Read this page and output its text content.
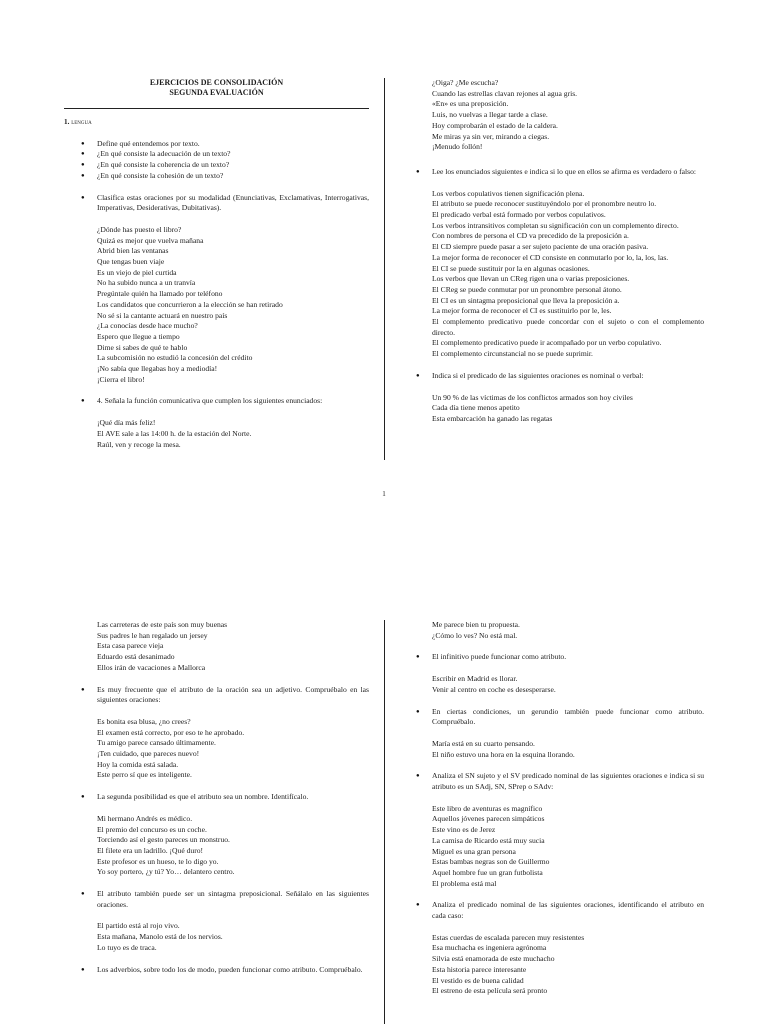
EJERCICIOS DE CONSOLIDACIÓN
SEGUNDA EVALUACIÓN
1. lengua
● Define qué entendemos por texto.
● ¿En qué consiste la adecuación de un texto?
● ¿En qué consiste la coherencia de un texto?
● ¿En qué consiste la cohesión de un texto?
● Clasifica estas oraciones por su modalidad (Enunciativas, Exclamativas, Interrogativas, Imperativas, Desiderativas, Dubitativas).
¿Dónde has puesto el libro?
Quizá es mejor que vuelva mañana
Abrid bien las ventanas
Que tengas buen viaje
Es un viejo de piel curtida
No ha subido nunca a un tranvía
Pregúntale quién ha llamado por teléfono
Los candidatos que concurrieron a la elección se han retirado
No sé si la cantante actuará en nuestro país
¿La conocías desde hace mucho?
Espero que llegue a tiempo
Dime si sabes de qué te hablo
La subcomisión no estudió la concesión del crédito
¡No sabía que llegabas hoy a mediodía!
¡Cierra el libro!
● 4. Señala la función comunicativa que cumplen los siguientes enunciados:
¡Qué día más feliz!
El AVE sale a las 14:00 h. de la estación del Norte.
Raúl, ven y recoge la mesa.
¿Oiga? ¿Me escucha?
Cuando las estrellas clavan rejones al agua gris.
«En» es una preposición.
Luis, no vuelvas a llegar tarde a clase.
Hoy comprobarán el estado de la caldera.
Me miras ya sin ver, mirando a ciegas.
¡Menudo follón!
● Lee los enunciados siguientes e indica si lo que en ellos se afirma es verdadero o falso:
Los verbos copulativos tienen significación plena.
El atributo se puede reconocer sustituyéndolo por el pronombre neutro lo.
El predicado verbal está formado por verbos copulativos.
Los verbos intransitivos completan su significación con un complemento directo.
Con nombres de persona el CD va precedido de la preposición a.
El CD siempre puede pasar a ser sujeto paciente de una oración pasiva.
La mejor forma de reconocer el CD consiste en conmutarlo por lo, la, los, las.
El CI se puede sustituir por la en algunas ocasiones.
Los verbos que llevan un CReg rigen una o varias preposiciones.
El CReg se puede conmutar por un pronombre personal átono.
El CI es un sintagma preposicional que lleva la preposición a.
La mejor forma de reconocer el CI es sustituirlo por le, les.
El complemento predicativo puede concordar con el sujeto o con el complemento directo.
El complemento predicativo puede ir acompañado por un verbo copulativo.
El complemento circunstancial no se puede suprimir.
● Indica si el predicado de las siguientes oraciones es nominal o verbal:
Un 90 % de las víctimas de los conflictos armados son hoy civiles
Cada día tiene menos apetito
Esta embarcación ha ganado las regatas
1
Las carreteras de este país son muy buenas
Sus padres le han regalado un jersey
Esta casa parece vieja
Eduardo está desanimado
Ellos irán de vacaciones a Mallorca
● Es muy frecuente que el atributo de la oración sea un adjetivo. Compruébalo en las siguientes oraciones:
Es bonita esa blusa, ¿no crees?
El examen está correcto, por eso te he aprobado.
Tu amigo parece cansado últimamente.
¡Ten cuidado, que pareces nuevo!
Hoy la comida está salada.
Este perro sí que es inteligente.
● La segunda posibilidad es que el atributo sea un nombre. Identifícalo.
Mi hermano Andrés es médico.
El premio del concurso es un coche.
Torciendo así el gesto pareces un monstruo.
El filete era un ladrillo. ¡Qué duro!
Este profesor es un hueso, te lo digo yo.
Yo soy portero, ¿y tú? Yo… delantero centro.
● El atributo también puede ser un sintagma preposicional. Señálalo en las siguientes oraciones.
El partido está al rojo vivo.
Esta mañana, Manolo está de los nervios.
Lo tuyo es de traca.
● Los adverbios, sobre todo los de modo, pueden funcionar como atributo. Compruébalo.
Me parece bien tu propuesta.
¿Cómo lo ves? No está mal.
● El infinitivo puede funcionar como atributo.
Escribir en Madrid es llorar.
Venir al centro en coche es desesperarse.
● En ciertas condiciones, un gerundio también puede funcionar como atributo. Compruébalo.
María está en su cuarto pensando.
El niño estuvo una hora en la esquina llorando.
● Analiza el SN sujeto y el SV predicado nominal de las siguientes oraciones e indica si su atributo es un SAdj, SN, SPrep o SAdv:
Este libro de aventuras es magnífico
Aquellos jóvenes parecen simpáticos
Este vino es de Jerez
La camisa de Ricardo está muy sucia
Miguel es una gran persona
Estas bambas negras son de Guillermo
Aquel hombre fue un gran futbolista
El problema está mal
● Analiza el predicado nominal de las siguientes oraciones, identificando el atributo en cada caso:
Estas cuerdas de escalada parecen muy resistentes
Esa muchacha es ingeniera agrónoma
Silvia está enamorada de este muchacho
Esta historia parece interesante
El vestido es de buena calidad
El estreno de esta película será pronto
